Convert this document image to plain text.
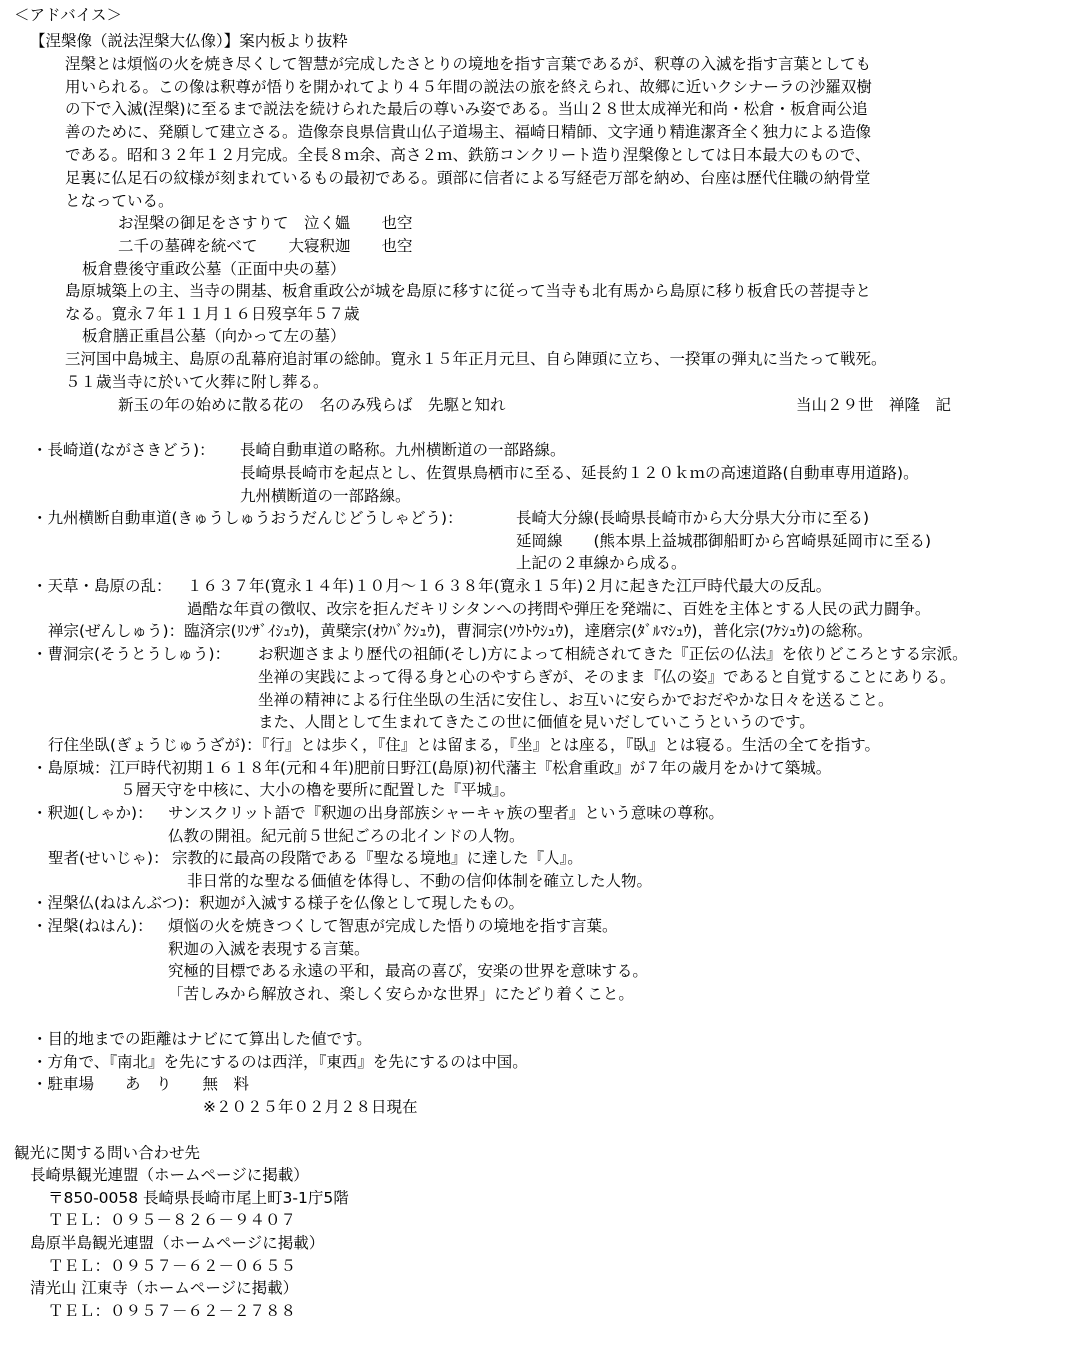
＜アドバイス＞
【涅槃像（説法涅槃大仏像）】案内板より抜粋
涅槃とは煩悩の火を焼き尽くして智慧が完成したさとりの境地を指す言葉であるが、釈尊の入滅を指す言葉としても
用いられる。この像は釈尊が悟りを開かれてより４５年間の説法の旅を終えられ、故郷に近いクシナーラの沙羅双樹
の下で入滅(涅槃)に至るまで説法を続けられた最后の尊いみ姿である。当山２８世太成禅光和尚・松倉・板倉両公追
善のために、発願して建立さる。造像奈良県信貴山仏子道場主、福崎日精師、文字通り精進潔斉全く独力による造像
である。昭和３２年１２月完成。全長８ｍ余、高さ２ｍ、鉄筋コンクリート造り涅槃像としては日本最大のもので、
足裏に仏足石の紋様が刻まれているもの最初である。頭部に信者による写経壱万部を納め、台座は歴代住職の納骨堂
となっている。
お涅槃の御足をさすりて　泣く媼　　也空
二千の墓碑を統べて　　大寝釈迦　　也空
板倉豊後守重政公墓（正面中央の墓）
島原城築上の主、当寺の開基、板倉重政公が城を島原に移すに従って当寺も北有馬から島原に移り板倉氏の菩提寺と
なる。寛永７年１１月１６日歿享年５７歳
板倉膳正重昌公墓（向かって左の墓）
三河国中島城主、島原の乱幕府追討軍の総帥。寛永１５年正月元旦、自ら陣頭に立ち、一揆軍の弾丸に当たって戦死。
５１歳当寺に於いて火葬に附し葬る。
新玉の年の始めに散る花の　名のみ残らば　先駆と知れ	当山２９世　禅隆　記
・長崎道(ながさきどう)： 長崎自動車道の略称。九州横断道の一部路線。
長崎県長崎市を起点とし、佐賀県鳥栖市に至る、延長約１２０ｋｍの高速道路(自動車専用道路)。
九州横断道の一部路線。
・九州横断自動車道(きゅうしゅうおうだんじどうしゃどう)：	長崎大分線(長崎県長崎市から大分県大分市に至る)
延岡線　　(熊本県上益城郡御船町から宮崎県延岡市に至る)
上記の２車線から成る。
・天草・島原の乱： １６３７年(寛永１４年)１０月～１６３８年(寛永１５年)２月に起きた江戸時代最大の反乱。
過酷な年貢の徴収、改宗を拒んだキリシタンへの拷問や弾圧を発端に、百姓を主体とする人民の武力闘争。
禅宗(ぜんしゅう)：臨済宗(ﾘﾝｻﾞｲｼｭｳ)，黄檗宗(ｵｳﾊﾞｸｼｭｳ)，曹洞宗(ｿｳﾄｳｼｭｳ)，達磨宗(ﾀﾞﾙﾏｼｭｳ)，普化宗(ﾌｹｼｭｳ)の総称。
・曹洞宗(そうとうしゅう)： お釈迦さまより歴代の祖師(そし)方によって相続されてきた『正伝の仏法』を依りどころとする宗派。
坐禅の実践によって得る身と心のやすらぎが、そのまま『仏の姿』であると自覚することにありる。
坐禅の精神による行住坐臥の生活に安住し、お互いに安らかでおだやかな日々を送ること。
また、人間として生まれてきたこの世に価値を見いだしていこうというのです。
行住坐臥(ぎょうじゅうざが)：『行』とは歩く，『住』とは留まる，『坐』とは座る，『臥』とは寝る。生活の全てを指す。
・島原城：江戸時代初期１６１８年(元和４年)肥前日野江(島原)初代藩主『松倉重政』が７年の歳月をかけて築城。
５層天守を中核に、大小の櫓を要所に配置した『平城』。
・釈迦(しゃか)： サンスクリット語で『釈迦の出身部族シャーキャ族の聖者』という意味の尊称。
仏教の開祖。紀元前５世紀ごろの北インドの人物。
聖者(せいじゃ)： 宗教的に最高の段階である『聖なる境地』に達した『人』。
非日常的な聖なる価値を体得し、不動の信仰体制を確立した人物。
・涅槃仏(ねはんぶつ)：釈迦が入滅する様子を仏像として現したもの。
・涅槃(ねはん)： 煩悩の火を焼きつくして智恵が完成した悟りの境地を指す言葉。
釈迦の入滅を表現する言葉。
究極的目標である永遠の平和，最高の喜び，安楽の世界を意味する。
「苦しみから解放され、楽しく安らかな世界」にたどり着くこと。
・目的地までの距離はナビにて算出した値です。
・方角で、『南北』を先にするのは西洋，『東西』を先にするのは中国。
・駐車場　　あ　り　　無　料
※２０２５年０２月２８日現在
観光に関する問い合わせ先
長崎県観光連盟（ホームページに掲載）
〒850-0058 長崎県長崎市尾上町3-1庁5階
ＴＥＬ：０９５－８２６－９４０７
島原半島観光連盟（ホームページに掲載）
ＴＥＬ：０９５７－６２－０６５５
清光山 江東寺（ホームページに掲載）
ＴＥＬ：０９５７－６２－２７８８
